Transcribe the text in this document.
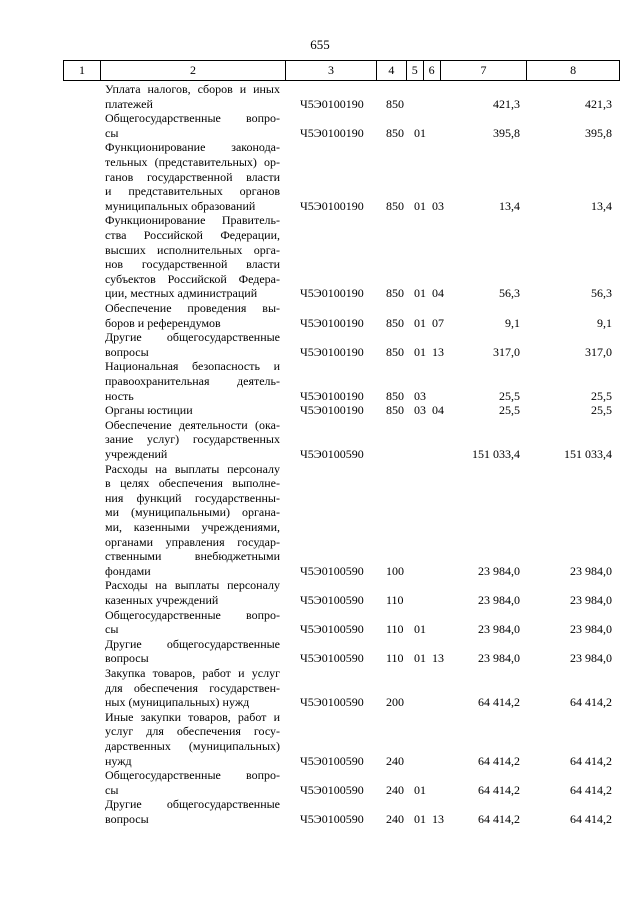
655
1	2	3	4	5 6	7	8
Уплата налогов, сборов и иных
платежей	Ч5Э0100190	850	421,3	421,3
Общегосударственные вопро-
сы	Ч5Э0100190	850 01	395,8	395,8
Функционирование законода-
тельных (представительных) ор-
ганов государственной власти
и представительных органов
муниципальных образований	Ч5Э0100190	850 01 03	13,4	13,4
Функционирование Правитель-
ства Российской Федерации,
высших исполнительных орга-
нов государственной власти
субъектов Российской Федера-
ции, местных администраций	Ч5Э0100190	850 01 04	56,3	56,3
Обеспечение проведения вы-
боров и референдумов	Ч5Э0100190	850 01 07	9,1	9,1
Другие общегосударственные
вопросы	Ч5Э0100190	850 01 13	317,0	317,0
Национальная безопасность и
правоохранительная деятель-
ность	Ч5Э0100190	850 03	25,5	25,5
Органы юстиции	Ч5Э0100190	850 03 04	25,5	25,5
Обеспечение деятельности (ока-
зание услуг) государственных
учреждений	Ч5Э0100590	151 033,4	151 033,4
Расходы на выплаты персоналу
в целях обеспечения выполне-
ния функций государственны-
ми (муниципальными) органа-
ми, казенными учреждениями,
органами управления государ-
ственными внебюджетными
фондами	Ч5Э0100590	100	23 984,0	23 984,0
Расходы на выплаты персоналу
казенных учреждений	Ч5Э0100590	110	23 984,0	23 984,0
Общегосударственные вопро-
сы	Ч5Э0100590	110 01	23 984,0	23 984,0
Другие общегосударственные
вопросы	Ч5Э0100590	110 01 13	23 984,0	23 984,0
Закупка товаров, работ и услуг
для обеспечения государствен-
ных (муниципальных) нужд	Ч5Э0100590	200	64 414,2	64 414,2
Иные закупки товаров, работ и
услуг для обеспечения госу-
дарственных (муниципальных)
нужд	Ч5Э0100590	240	64 414,2	64 414,2
Общегосударственные вопро-
сы	Ч5Э0100590	240 01	64 414,2	64 414,2
Другие общегосударственные
вопросы	Ч5Э0100590	240 01 13	64 414,2	64 414,2
